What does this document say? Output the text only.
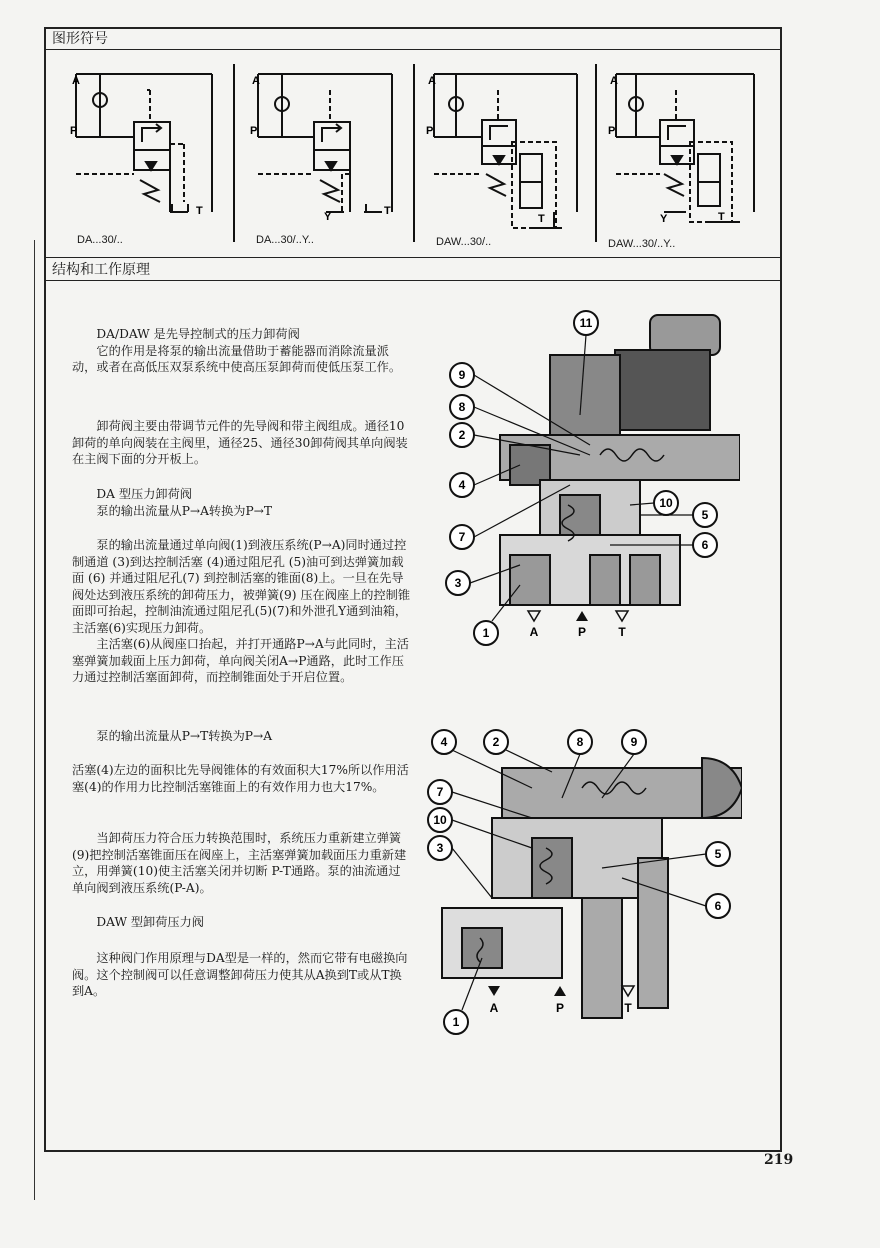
图形符号
A
P
T
DA...30/..
A
P
Y	T
DA...30/..Y..
A
P
T
DAW...30/..
A
P
Y	T
DAW...30/..Y..
结构和工作原理

DA/DAW 是先导控制式的压力卸荷阀

它的作用是将泵的输出流量借助于蓄能器而消除流量派动，或者在高低压双泵系统中使高压泵卸荷而使低压泵工作。

卸荷阀主要由带调节元件的先导阀和带主阀组成。通径10卸荷的单向阀装在主阀里，通径25、通径30卸荷阀其单向阀装在主阀下面的分开板上。

DA 型压力卸荷阀

泵的输出流量从P→A转换为P→T

泵的输出流量通过单向阀(1)到液压系统(P→A)同时通过控制通道 (3)到达控制活塞 (4)通过阻尼孔 (5)油可到达弹簧加载面 (6) 并通过阻尼孔(7) 到控制活塞的锥面(8)上。一旦在先导阀处达到液压系统的卸荷压力，被弹簧(9) 压在阀座上的控制锥面即可抬起，控制油流通过阻尼孔(5)(7)和外泄孔Y通到油箱，主活塞(6)实现压力卸荷。

主活塞(6)从阀座口抬起，并打开通路P→A与此同时，主活塞弹簧加载面上压力卸荷，单向阀关闭A→P通路，此时工作压力通过控制活塞面卸荷，而控制锥面处于开启位置。

泵的输出流量从P→T转换为P→A

活塞(4)左边的面积比先导阀锥体的有效面积大17%所以作用活塞(4)的作用力比控制活塞锥面上的有效作用力也大17%。

当卸荷压力符合压力转换范围时，系统压力重新建立弹簧(9)把控制活塞锥面压在阀座上，主活塞弹簧加载面压力重新建立，用弹簧(10)使主活塞关闭并切断 P-T通路。泵的油流通过单向阀到液压系统(P-A)。

DAW 型卸荷压力阀

这种阀门作用原理与DA型是一样的，然而它带有电磁换向阀。这个控制阀可以任意调整卸荷压力使其从A换到T或从T换到A。

11
9
8
2
4
10
5
7
6
3
1	A	P	T
4	2	8	9
7
10
3	5
6
1
A	P	T
219
